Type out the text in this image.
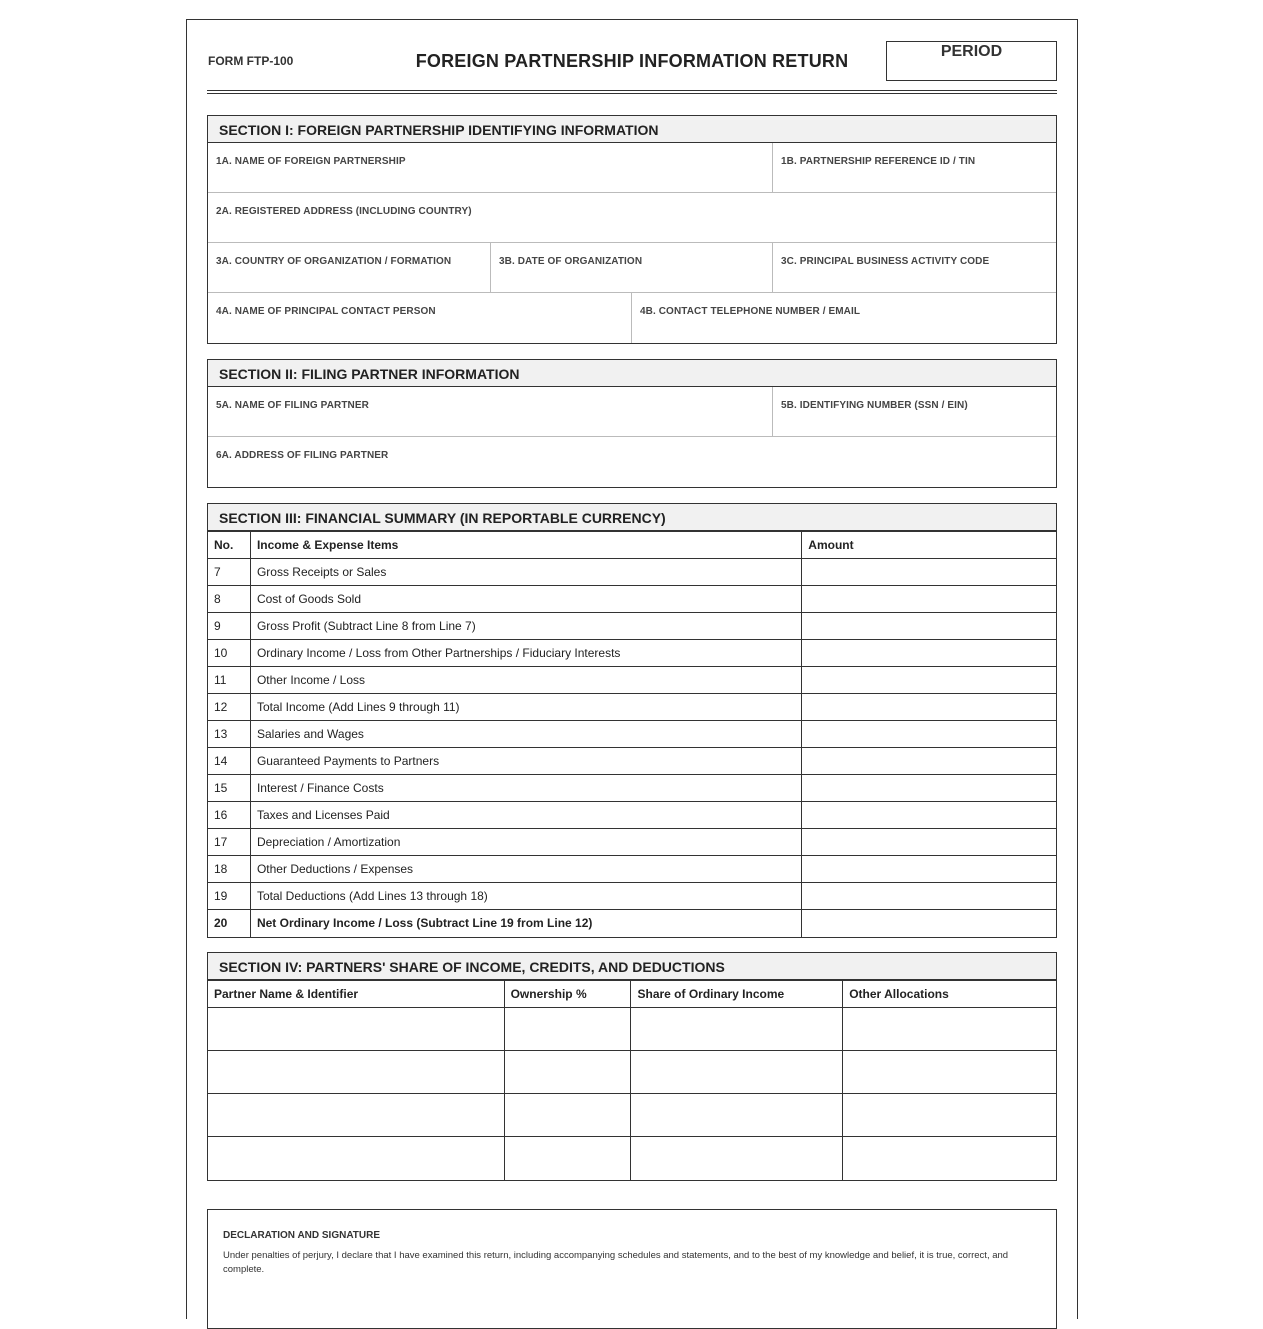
FORM FTP-100	FOREIGN PARTNERSHIP INFORMATION RETURN	PERIOD
SECTION I: FOREIGN PARTNERSHIP IDENTIFYING INFORMATION
1A. NAME OF FOREIGN PARTNERSHIP	1B. PARTNERSHIP REFERENCE ID / TIN
2A. REGISTERED ADDRESS (INCLUDING COUNTRY)
3A. COUNTRY OF ORGANIZATION / FORMATION	3B. DATE OF ORGANIZATION	3C. PRINCIPAL BUSINESS ACTIVITY CODE
4A. NAME OF PRINCIPAL CONTACT PERSON	4B. CONTACT TELEPHONE NUMBER / EMAIL
SECTION II: FILING PARTNER INFORMATION
5A. NAME OF FILING PARTNER	5B. IDENTIFYING NUMBER (SSN / EIN)
6A. ADDRESS OF FILING PARTNER
SECTION III: FINANCIAL SUMMARY (IN REPORTABLE CURRENCY)
No.	Income & Expense Items	Amount
7	Gross Receipts or Sales	
8	Cost of Goods Sold	
9	Gross Profit (Subtract Line 8 from Line 7)	
10	Ordinary Income / Loss from Other Partnerships / Fiduciary Interests	
11	Other Income / Loss	
12	Total Income (Add Lines 9 through 11)	
13	Salaries and Wages	
14	Guaranteed Payments to Partners	
15	Interest / Finance Costs	
16	Taxes and Licenses Paid	
17	Depreciation / Amortization	
18	Other Deductions / Expenses	
19	Total Deductions (Add Lines 13 through 18)	
20	Net Ordinary Income / Loss (Subtract Line 19 from Line 12)	
SECTION IV: PARTNERS' SHARE OF INCOME, CREDITS, AND DEDUCTIONS
Partner Name & Identifier	Ownership %	Share of Ordinary Income	Other Allocations

DECLARATION AND SIGNATURE
Under penalties of perjury, I declare that I have examined this return, including accompanying schedules and statements, and to the best of my knowledge and belief, it is true, correct, and complete.
